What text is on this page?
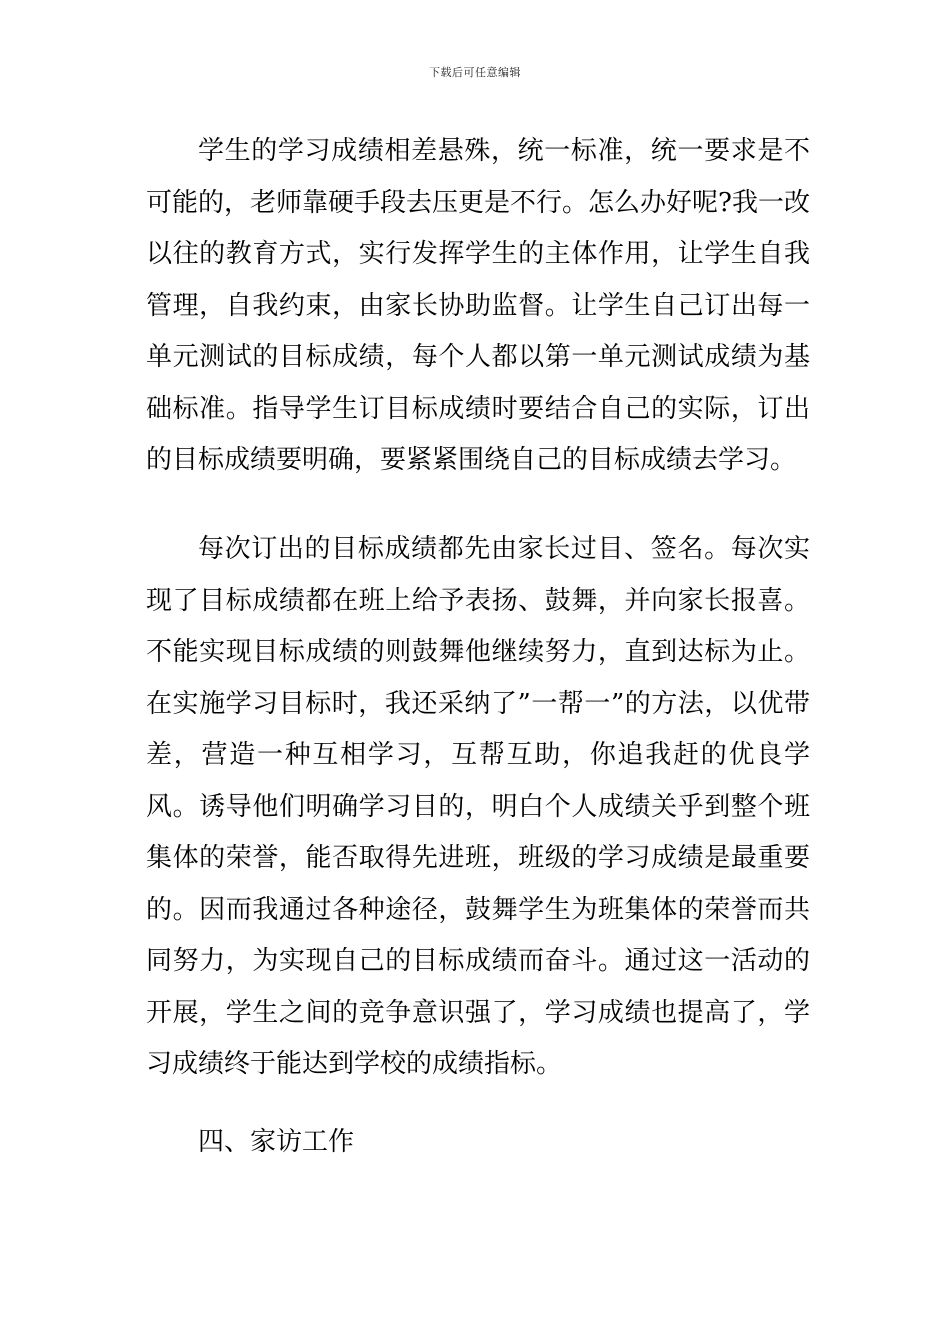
下载后可任意编辑

学生的学习成绩相差悬殊，统一标准，统一要求是不可能的，老师靠硬手段去压更是不行。怎么办好呢?我一改以往的教育方式，实行发挥学生的主体作用，让学生自我管理，自我约束，由家长协助监督。让学生自己订出每一单元测试的目标成绩，每个人都以第一单元测试成绩为基础标准。指导学生订目标成绩时要结合自己的实际，订出的目标成绩要明确，要紧紧围绕自己的目标成绩去学习。

每次订出的目标成绩都先由家长过目、签名。每次实现了目标成绩都在班上给予表扬、鼓舞，并向家长报喜。不能实现目标成绩的则鼓舞他继续努力，直到达标为止。在实施学习目标时，我还采纳了”一帮一”的方法，以优带差，营造一种互相学习，互帮互助，你追我赶的优良学风。诱导他们明确学习目的，明白个人成绩关乎到整个班集体的荣誉，能否取得先进班，班级的学习成绩是最重要的。因而我通过各种途径，鼓舞学生为班集体的荣誉而共同努力，为实现自己的目标成绩而奋斗。通过这一活动的开展，学生之间的竞争意识强了，学习成绩也提高了，学习成绩终于能达到学校的成绩指标。

四、家访工作
